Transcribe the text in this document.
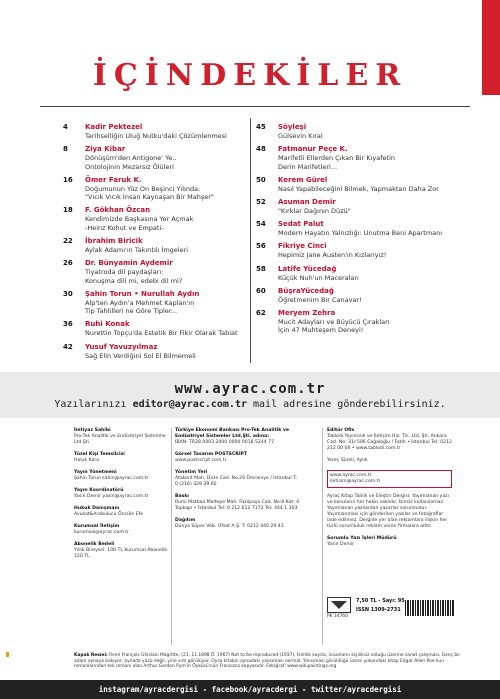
İÇİNDEKİLER
4 Kadir Pektezel
Tarihselliğin Uluğ Nutku'daki Çözümlenmesi
8 Ziya Kibar
Dönüşüm'den Antigone' Ye..
Ontolojinin Mezarsız Ölüleri
16 Ömer Faruk K.
Doğumunun Yüz On Beşinci Yılında:
"Vıcık Vıcık İnsan Kaynaşan Bir Mahşer"
18 F. Gökhan Özcan
Kendimizde Başkasına Yer Açmak
-Heinz Kohut ve Empati-
22 İbrahim Biricik
Aylak Adamı'ın Takıntılı İmgeleri
26 Dr. Bünyamin Aydemir
Tiyatroda dil paydaşları:
Konuşma dili mi, edebi dil mi?
30 Şahin Torun • Nurullah Aydın
Alp'ten Aydın'a Mehmet Kaplan'ın
Tip Tahlilleri ne Göre Tipler...
36 Ruhi Konak
Nurettin Topçu'da Estetik Bir Fikir Olarak Tabiat
42 Yusuf Yavuzyılmaz
Sağ Elin Verdiğini Sol El Bilmemeli
45 Söyleşi
Gülsevin Kıral
48 Fatmanur Peçe K.
Marifetli Ellerden Çıkan Bir Kıyafetin
Derin Marifetleri...
50 Kerem Gürel
Nasıl Yapabileceğini Bilmek, Yapmaktan Daha Zor
52 Asuman Demir
"Kırklar Dağının Düzü"
54 Sedat Palut
Modern Hayatın Yalnızlığı: Unutma Beni Apartmanı
56 Fikriye Cinci
Hepimiz Jane Austen'ın Kızlarıyız!
58 Latife Yücedağ
Küçük Nuh'un Maceraları
60 BüşraYücedağ
Öğretmenim Bir Canavar!
62 Meryem Zehra
Mucit Adayları ve Büyücü Çırakları
İçin 47 Muhteşem Deneyi!
www.ayrac.com.tr
Yazılarınızı editor@ayrac.com.tr mail adresine gönderebilirsiniz.
İmtiyaz Sahibi
Pro-Tek Analitik ve Endüstriyel Sistemler Ltd.Şti.
Tüzel Kişi Temsilcisi
Haluk Kara
Yayın Yönetmeni
Şahin Torun sahin@ayrac.com.tr
Yayın Koordinatörü
Yasin Demir yasin@ayrac.com.tr
Hukuk Danışmanı
Avukat&Arabulucu Öncüle Efe
Kurumsal İletişim
kurumsal@ayrac.com.tr
Abonelik Bedeli
Yıllık Bireysel: 100 TL Kurumsal Abonelik: 120 TL
Türkiye Ekonomi Bankası Pro-Tek Analitik ve Endüstriyel Sistemler Ltd.Şti. adına:
IBAN: TR28 0003 2000 0000 0018 5244 77
Görsel Tasarım POSTSCRIPT
www.postscript.com.tr
Yönetim Yeri
Atakent Mah. Dicle Cad. No.29 Ümraniye / İstanbul T: 0 (216) 329 39 60
Baskı
Rumi Matbaa Maltepe Mah. Fazılpaşa Cad. No:8 Kat: 4 Topkapı • İstanbul Tel: 0 212 612 7172 Tel: 444 1 303
Dağıtım
Dünya Süper Veb. Ofset A.Ş. T: 0212 440 29 43
Editör Ofis
Tablodi Yayıncılık ve İletişim Hiz. Tic. Ltd. Şti. Ankara Cad. No: 31/ 506 Cağaloğlu / Fatih • İstanbul Tel: 0212 212 00 06 • www.tablodi.com.tr
Yerel, Süreli, Aylık
www.ayrac.com.tr
iletisim@ayrac.com.tr
Ayraç Kitap Tahlili ve Eleştiri Dergisi; Yayımlanan yazı ve konuların her hakkı saklıdır. İzinsiz kullanılamaz. Yayımlanan yazılardan yazarlar sorumludur. Yayımlanması için gönderilen yazılar ve fotoğraflar iade edilmez. Dergide yer alan reklamlara ilişkin her türlü sorumluluk reklam veren firmalara aittir.
Sorumlu Yazı İşleri Müdürü
Yasin Demir
7,50 TL - Sayı: 95
ISSN 1309-2731
PK 34760
Kapak Resmi: René François Ghislain Magritte, (21. 11.1898 Ö. 1967) Not to be reproduced (1937), İsimlik kayıta, insanların kişiliksiz olduğu üzerine sanat çalışması. Genç bir adam aynaya bakıyor, aynada yüzü değil, yine sırtı görülüyor. Oysa kitabın aynadaki yansıması normal. Yansıması görüldüğü üzere yukarıdaki kitap Edgar Allen Poe'nun romanlarından tek romanı olan Arthur Gordon Pym'in Öyküsü'nün Fransızca kopyasıdır. Fotoğraf: www.wikipaintings.org
instagram/ayracdergisi - facebook/ayracdergi - twitter/ayracdergisi
